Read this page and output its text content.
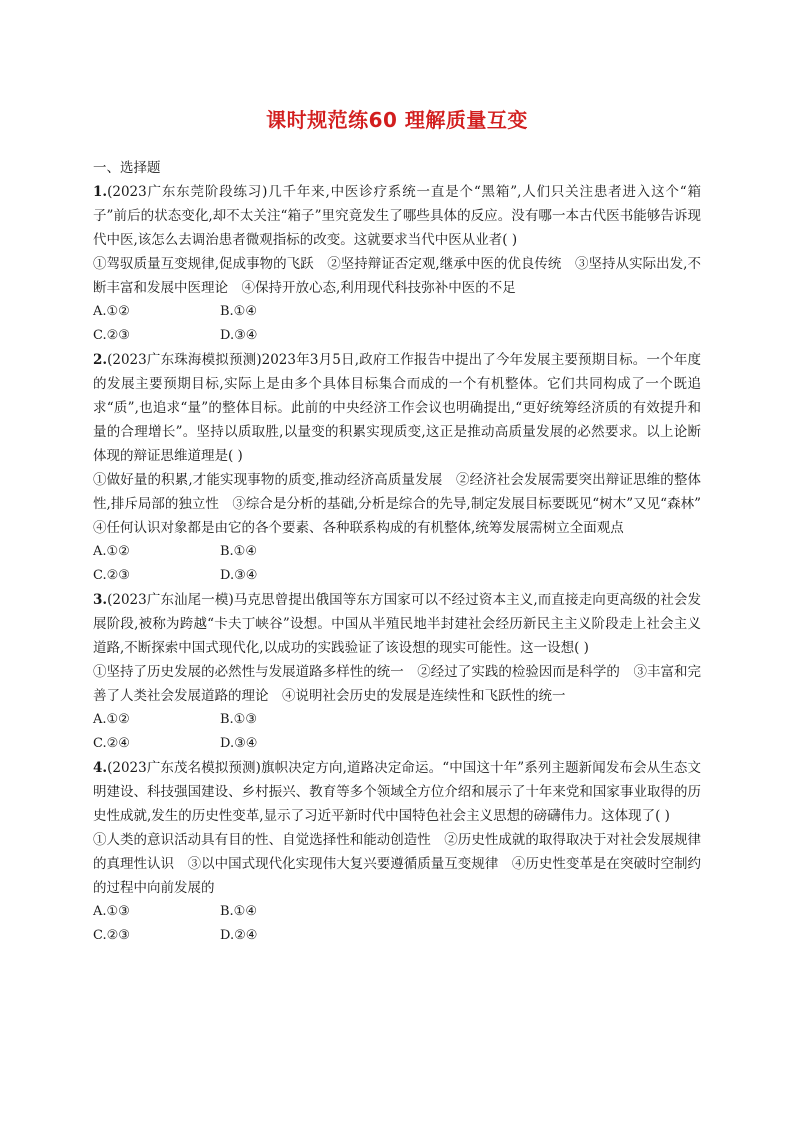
课时规范练60 理解质量互变

一、选择题

1.(2023广东东莞阶段练习)几千年来,中医诊疗系统一直是个“黑箱”,人们只关注患者进入这个“箱子”前后的状态变化,却不太关注“箱子”里究竟发生了哪些具体的反应。没有哪一本古代医书能够告诉现代中医,该怎么去调治患者微观指标的改变。这就要求当代中医从业者( )

①驾驭质量互变规律,促成事物的飞跃　②坚持辩证否定观,继承中医的优良传统　③坚持从实际出发,不断丰富和发展中医理论　④保持开放心态,利用现代科技弥补中医的不足

A.①②	B.①④
C.②③	D.③④

2.(2023广东珠海模拟预测)2023年3月5日,政府工作报告中提出了今年发展主要预期目标。一个年度的发展主要预期目标,实际上是由多个具体目标集合而成的一个有机整体。它们共同构成了一个既追求“质”,也追求“量”的整体目标。此前的中央经济工作会议也明确提出,“更好统筹经济质的有效提升和量的合理增长”。坚持以质取胜,以量变的积累实现质变,这正是推动高质量发展的必然要求。以上论断体现的辩证思维道理是( )

①做好量的积累,才能实现事物的质变,推动经济高质量发展　②经济社会发展需要突出辩证思维的整体性,排斥局部的独立性　③综合是分析的基础,分析是综合的先导,制定发展目标要既见“树木”又见“森林”　④任何认识对象都是由它的各个要素、各种联系构成的有机整体,统筹发展需树立全面观点

A.①②	B.①④
C.②③	D.③④

3.(2023广东汕尾一模)马克思曾提出俄国等东方国家可以不经过资本主义,而直接走向更高级的社会发展阶段,被称为跨越“卡夫丁峡谷”设想。中国从半殖民地半封建社会经历新民主主义阶段走上社会主义道路,不断探索中国式现代化,以成功的实践验证了该设想的现实可能性。这一设想( )

①坚持了历史发展的必然性与发展道路多样性的统一　②经过了实践的检验因而是科学的　③丰富和完善了人类社会发展道路的理论　④说明社会历史的发展是连续性和飞跃性的统一

A.①②	B.①③
C.②④	D.③④

4.(2023广东茂名模拟预测)旗帜决定方向,道路决定命运。“中国这十年”系列主题新闻发布会从生态文明建设、科技强国建设、乡村振兴、教育等多个领域全方位介绍和展示了十年来党和国家事业取得的历史性成就,发生的历史性变革,显示了习近平新时代中国特色社会主义思想的磅礴伟力。这体现了( )

①人类的意识活动具有目的性、自觉选择性和能动创造性　②历史性成就的取得取决于对社会发展规律的真理性认识　③以中国式现代化实现伟大复兴要遵循质量互变规律　④历史性变革是在突破时空制约的过程中向前发展的

A.①③	B.①④
C.②③	D.②④
